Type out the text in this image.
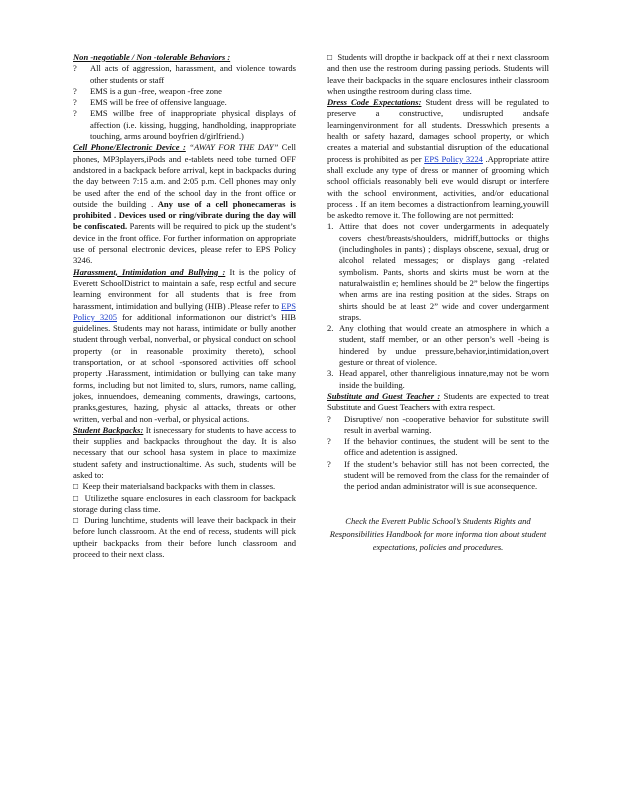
Non -negotiable / Non -tolerable Behaviors :

? All acts of aggression, harassment, and violence towards other students or staff
? EMS is a gun -free, weapon -free zone
? EMS will be free of offensive language.
? EMS willbe free of inappropriate physical displays of affection (i.e. kissing, hugging, handholding, inappropriate touching, arms around boyfrien d/girlfriend.)

Cell Phone/Electronic Device : “AWAY FOR THE DAY” Cell phones, MP3players,iPods and e-tablets need tobe turned OFF andstored in a backpack before arrival, kept in backpacks during the day between 7:15 a.m. and 2:05 p.m. Cell phones may only be used after the end of the school day in the front office or outside the building . Any use of a cell phonecameras is prohibited . Devices used or ring/vibrate during the day will be confiscated. Parents will be required to pick up the student’s device in the front office. For further information on appropriate use of personal electronic devices, please refer to EPS Policy 3246.

Harassment, Intimidation and Bullying : It is the policy of Everett SchoolDistrict to maintain a safe, resp ectful and secure learning environment for all students that is free from harassment, intimidation and bullying (HIB) .Please refer to EPS Policy 3205 for additional informationon our district’s HIB guidelines. Students may not harass, intimidate or bully another student through verbal, nonverbal, or physical conduct on school property (or in reasonable proximity thereto), school transportation, or at school -sponsored activities off school property .Harassment, intimidation or bullying can take many forms, including but not limited to, slurs, rumors, name calling, jokes, innuendoes, demeaning comments, drawings, cartoons, pranks,gestures, hazing, physic al attacks, threats or other written, verbal and non -verbal, or physical actions.

Student Backpacks: It isnecessary for students to have access to their supplies and backpacks throughout the day. It is also necessary that our school hasa system in place to maximize student safety and instructionaltime. As such, students will be asked to:

□ Keep their materialsand backpacks with them in classes.
□ Utilizethe square enclosures in each classroom for backpack storage during class time.
□ During lunchtime, students will leave their backpack in their before lunch classroom. At the end of recess, students will pick uptheir backpacks from their before lunch classroom and proceed to their next class.
□ Students will dropthe ir backpack off at thei r next classroom and then use the restroom during passing periods. Students will leave their backpacks in the square enclosures intheir classroom when usingthe restroom during class time.

Dress Code Expectations: Student dress will be regulated to preserve a constructive, undisrupted andsafe learningenvironment for all students. Dresswhich presents a health or safety hazard, damages school property, or which creates a material and substantial disruption of the educational process is prohibited as per EPS Policy 3224 .Appropriate attire shall exclude any type of dress or manner of grooming which school officials reasonably beli eve would disrupt or interfere with the school environment, activities, and/or educational process . If an item becomes a distractionfrom learning,youwill be askedto remove it. The following are not permitted:

1. Attire that does not cover undergarments in adequately covers chest/breasts/shoulders, midriff,buttocks or thighs (includingholes in pants) ; displays obscene, sexual, drug or alcohol related messages; or displays gang -related symbolism. Pants, shorts and skirts must be worn at the naturalwaistlin e; hemlines should be 2” below the fingertips when arms are ina resting position at the sides. Straps on shirts should be at least 2” wide and cover undergarment straps.
2. Any clothing that would create an atmosphere in which a student, staff member, or an other person’s well -being is hindered by undue pressure,behavior,intimidation,overt gesture or threat of violence.
3. Head apparel, other thanreligious innature,may not be worn inside the building.

Substitute and Guest Teacher : Students are expected to treat Substitute and Guest Teachers with extra respect.

? Disruptive/ non -cooperative behavior for substitute swill result in averbal warning.
? If the behavior continues, the student will be sent to the office and adetention is assigned.
? If the student’s behavior still has not been corrected, the student will be removed from the class for the remainder of the period andan administrator will is sue aconsequence.

Check the Everett Public School’s Students Rights and Responsibilities Handbook for more informa tion about student expectations, policies and procedures.
